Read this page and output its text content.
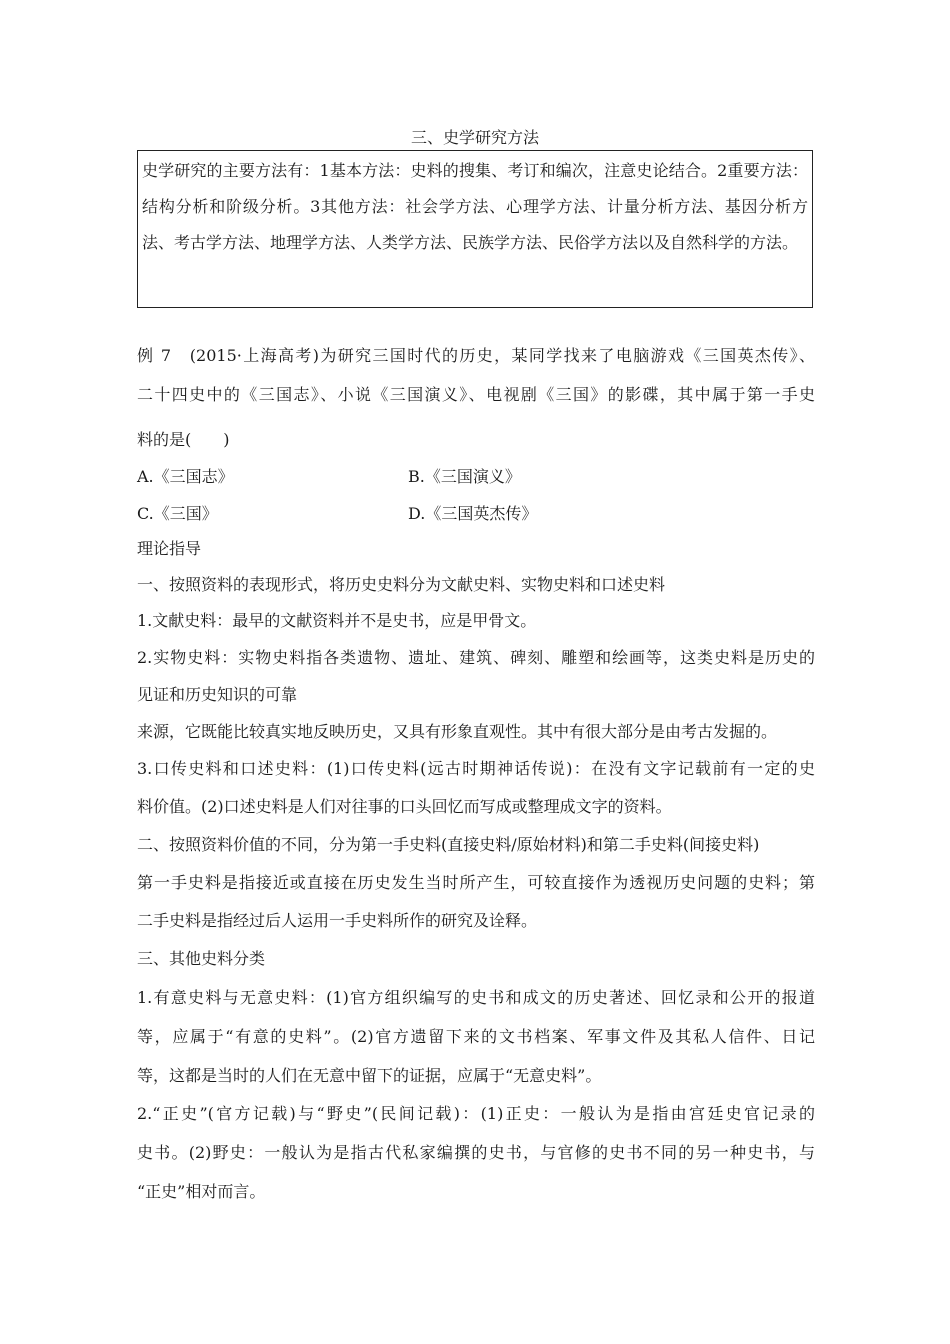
三、史学研究方法
史学研究的主要方法有：1基本方法：史料的搜集、考订和编次，注意史论结合。2重要方法：结构分析和阶级分析。3其他方法：社会学方法、心理学方法、计量分析方法、基因分析方法、考古学方法、地理学方法、人类学方法、民族学方法、民俗学方法以及自然科学的方法。
例 7　(2015·上海高考)为研究三国时代的历史，某同学找来了电脑游戏《三国英杰传》、
二十四史中的《三国志》、小说《三国演义》、电视剧《三国》的影碟，其中属于第一手史
料的是(　　)
A.《三国志》	B.《三国演义》
C.《三国》	D.《三国英杰传》
理论指导
一、按照资料的表现形式，将历史史料分为文献史料、实物史料和口述史料
1.文献史料：最早的文献资料并不是史书，应是甲骨文。
2.实物史料：实物史料指各类遗物、遗址、建筑、碑刻、雕塑和绘画等，这类史料是历史的
见证和历史知识的可靠
来源，它既能比较真实地反映历史，又具有形象直观性。其中有很大部分是由考古发掘的。
3.口传史料和口述史料：(1)口传史料(远古时期神话传说)：在没有文字记载前有一定的史
料价值。(2)口述史料是人们对往事的口头回忆而写成或整理成文字的资料。
二、按照资料价值的不同，分为第一手史料(直接史料/原始材料)和第二手史料(间接史料)
第一手史料是指接近或直接在历史发生当时所产生，可较直接作为透视历史问题的史料；第
二手史料是指经过后人运用一手史料所作的研究及诠释。
三、其他史料分类
1.有意史料与无意史料：(1)官方组织编写的史书和成文的历史著述、回忆录和公开的报道
等，应属于“有意的史料”。(2)官方遗留下来的文书档案、军事文件及其私人信件、日记
等，这都是当时的人们在无意中留下的证据，应属于“无意史料”。
2.“正史”(官方记载)与“野史”(民间记载)：(1)正史：一般认为是指由宫廷史官记录的
史书。(2)野史：一般认为是指古代私家编撰的史书，与官修的史书不同的另一种史书，与
“正史”相对而言。
